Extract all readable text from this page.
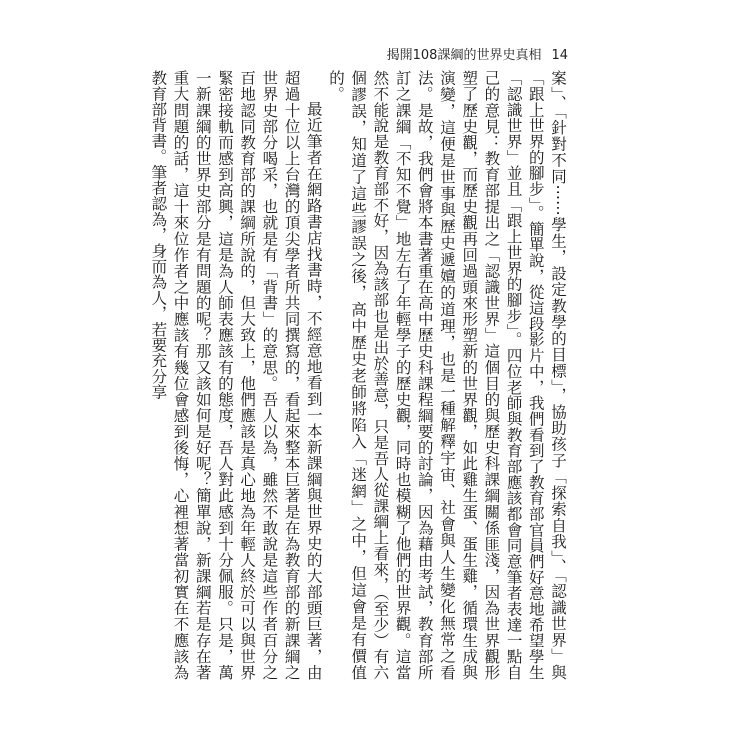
揭開108課綱的世界史真相 14

案」、「針對不同⋯⋯學生，設定教學的目標」，協助孩子「探索自我」、「認識世界」與「跟上世界的腳步」。簡單說，從這段影片中，我們看到了教育部官員們好意地希望學生「認識世界」並且「跟上世界的腳步」。四位老師與教育部應該都會同意筆者表達一點自己的意見：教育部提出之「認識世界」這個目的與歷史科課綱關係匪淺，因為世界觀形塑了歷史觀，而歷史觀再回過頭來形塑新的世界觀，如此雞生蛋、蛋生雞，循環生成與演變，這便是世事與歷史遞嬗的道理，也是一種解釋宇宙、社會與人生變化無常之看法。是故，我們會將本書著重在高中歷史科課程綱要的討論，因為藉由考試，教育部所訂之課綱「不知不覺」地左右了年輕學子的歷史觀，同時也模糊了他們的世界觀。這當然不能說是教育部不好，因為該部也是出於善意，只是吾人從課綱上看來，（至少）有六個謬誤，知道了這些謬誤之後，高中歷史老師將陷入「迷網」之中，但這會是有價值的。

最近筆者在網路書店找書時，不經意地看到一本新課綱與世界史的大部頭巨著，由超過十位以上台灣的頂尖學者所共同撰寫的，看起來整本巨著是在為教育部的新課綱之世界史部分喝采，也就是有「背書」的意思。吾人以為，雖然不敢說是這些作者百分之百地認同教育部的課綱所說的，但大致上，他們應該是真心地為年輕人終於可以與世界緊密接軌而感到高興，這是為人師表應該有的態度，吾人對此感到十分佩服。只是，萬一新課綱的世界史部分是有問題的呢？那又該如何是好呢？簡單說，新課綱若是存在著重大問題的話，這十來位作者之中應該有幾位會感到後悔，心裡想著當初實在不應該為教育部背書。筆者認為，身而為人，若要充分享
